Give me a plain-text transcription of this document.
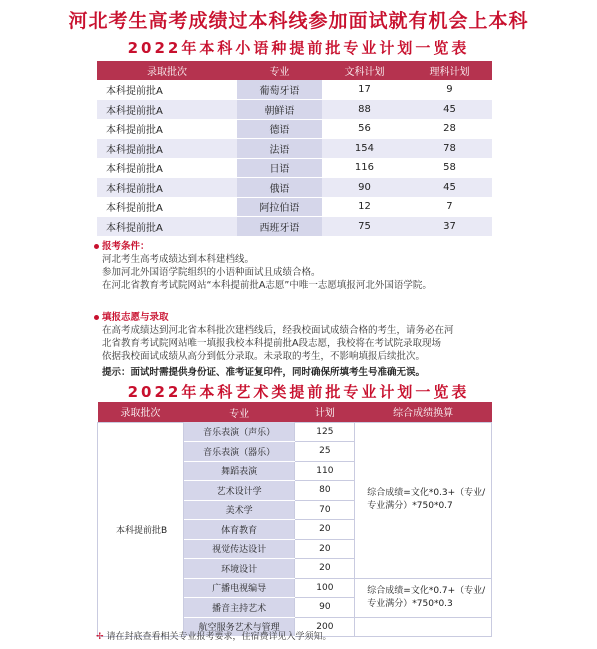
河北考生高考成绩过本科线参加面试就有机会上本科
2022年本科小语种提前批专业计划一览表
录取批次	专业	文科计划	理科计划
本科提前批A	葡萄牙语	17	9
本科提前批A	朝鲜语	88	45
本科提前批A	德语	56	28
本科提前批A	法语	154	78
本科提前批A	日语	116	58
本科提前批A	俄语	90	45
本科提前批A	阿拉伯语	12	7
本科提前批A	西班牙语	75	37
报考条件：
河北考生高考成绩达到本科建档线。
参加河北外国语学院组织的小语种面试且成绩合格。
在河北省教育考试院网站“本科提前批A志愿”中唯一志愿填报河北外国语学院。
填报志愿与录取
在高考成绩达到河北省本科批次建档线后，经我校面试成绩合格的考生，请务必在河
北省教育考试院网站唯一填报我校本科提前批A段志愿，我校将在考试院录取现场
依据我校面试成绩从高分到低分录取。未录取的考生，不影响填报后续批次。
提示：面试时需提供身份证、准考证复印件，同时确保所填考生号准确无误。
2022年本科艺术类提前批专业计划一览表
录取批次	专业	计划	综合成绩换算
本科提前批B	音乐表演（声乐）	125	综合成绩=文化*0.3+（专业/专业满分）*750*0.7
	音乐表演（器乐）	25	
	舞蹈表演	110	
	艺术设计学	80	
	美术学	70	
	体育教育	20	
	视觉传达设计	20	
	环境设计	20	
	广播电视编导	100	综合成绩=文化*0.7+（专业/专业满分）*750*0.3
	播音主持艺术	90	
	航空服务艺术与管理	200	
✢ 请在封底查看相关专业报考要求，住宿费详见入学须知。
